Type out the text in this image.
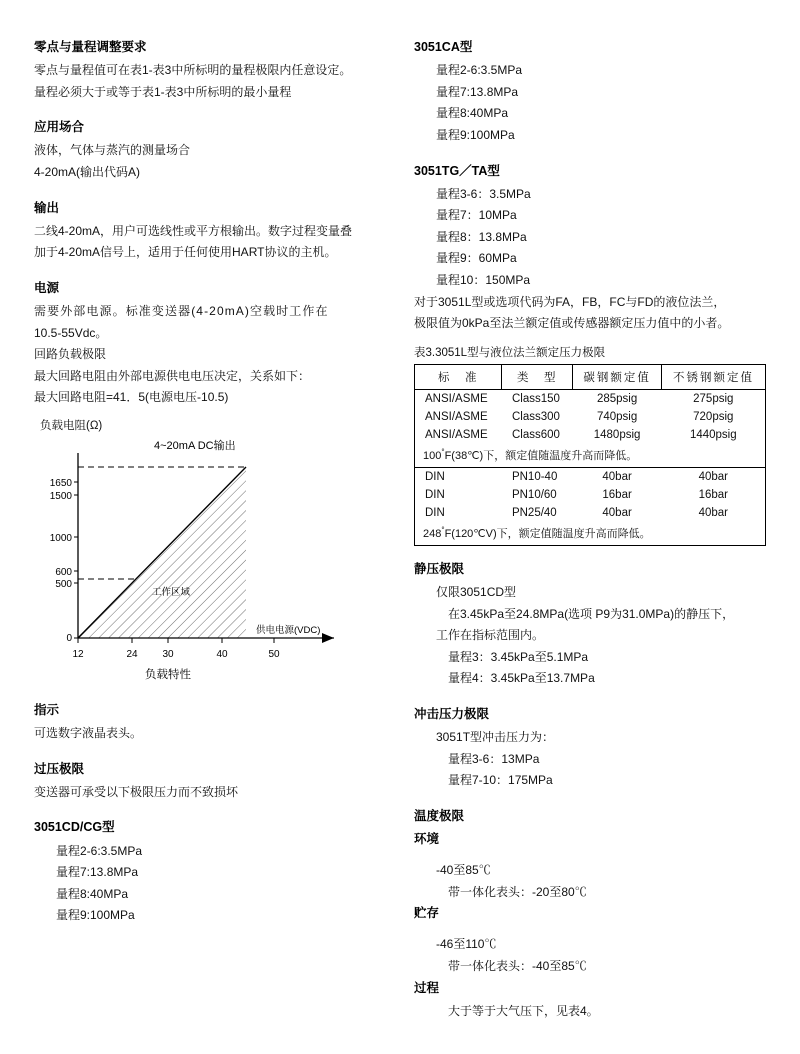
零点与量程调整要求

零点与量程值可在表1-表3中所标明的量程极限内任意设定。

量程必须大于或等于表1-表3中所标明的最小量程

应用场合

液体，气体与蒸汽的测量场合

4-20mA(输出代码A)

输出

二线4-20mA，用户可选线性或平方根输出。数字过程变量叠

加于4-20mA信号上，适用于任何使用HART协议的主机。

电源

需要外部电源。标准变送器(4-20mA)空载时工作在

10.5-55Vdc。

回路负载极限

最大回路电阻由外部电源供电电压决定，关系如下：

最大回路电阻=41．5(电源电压-10.5)

负载电阻(Ω)
0
500
600
1000
1500
1650
12	24 30	40	50
4~20mA DC输出
工作区域
供电电源(VDC)
负载特性
指示

可选数字液晶表头。

过压极限

变送器可承受以下极限压力而不致损坏

3051CD/CG型

量程2-6:3.5MPa

量程7:13.8MPa

量程8:40MPa

量程9:100MPa

3051CA型

量程2-6:3.5MPa

量程7:13.8MPa

量程8:40MPa

量程9:100MPa

3051TG／TA型

量程3-6：3.5MPa

量程7：10MPa

量程8：13.8MPa

量程9：60MPa

量程10：150MPa

对于3051L型或选项代码为FA，FB，FC与FD的液位法兰，

极限值为0kPa至法兰额定值或传感器额定压力值中的小者。

表3.3051L型与液位法兰额定压力极限

标　准	类　型	碳钢额定值	不锈钢额定值
ANSI/ASME	Class150	285psig	275psig
ANSI/ASME	Class300	740psig	720psig
ANSI/ASME	Class600	1480psig	1440psig
100°F(38℃)下，额定值随温度升高而降低。			
DIN	PN10-40	40bar	40bar
DIN	PN10/60	16bar	16bar
DIN	PN25/40	40bar	40bar
248°F(120℃V)下，额定值随温度升高而降低。			
静压极限

仅限3051CD型

在3.45kPa至24.8MPa(选项 P9为31.0MPa)的静压下，

工作在指标范围内。

量程3：3.45kPa至5.1MPa

量程4：3.45kPa至13.7MPa

冲击压力极限

3051T型冲击压力为：

量程3-6：13MPa

量程7-10：175MPa

温度极限
环境

-40至85℃

带一体化表头：-20至80℃

贮存

-46至110℃

带一体化表头：-40至85℃

过程

大于等于大气压下，见表4。
